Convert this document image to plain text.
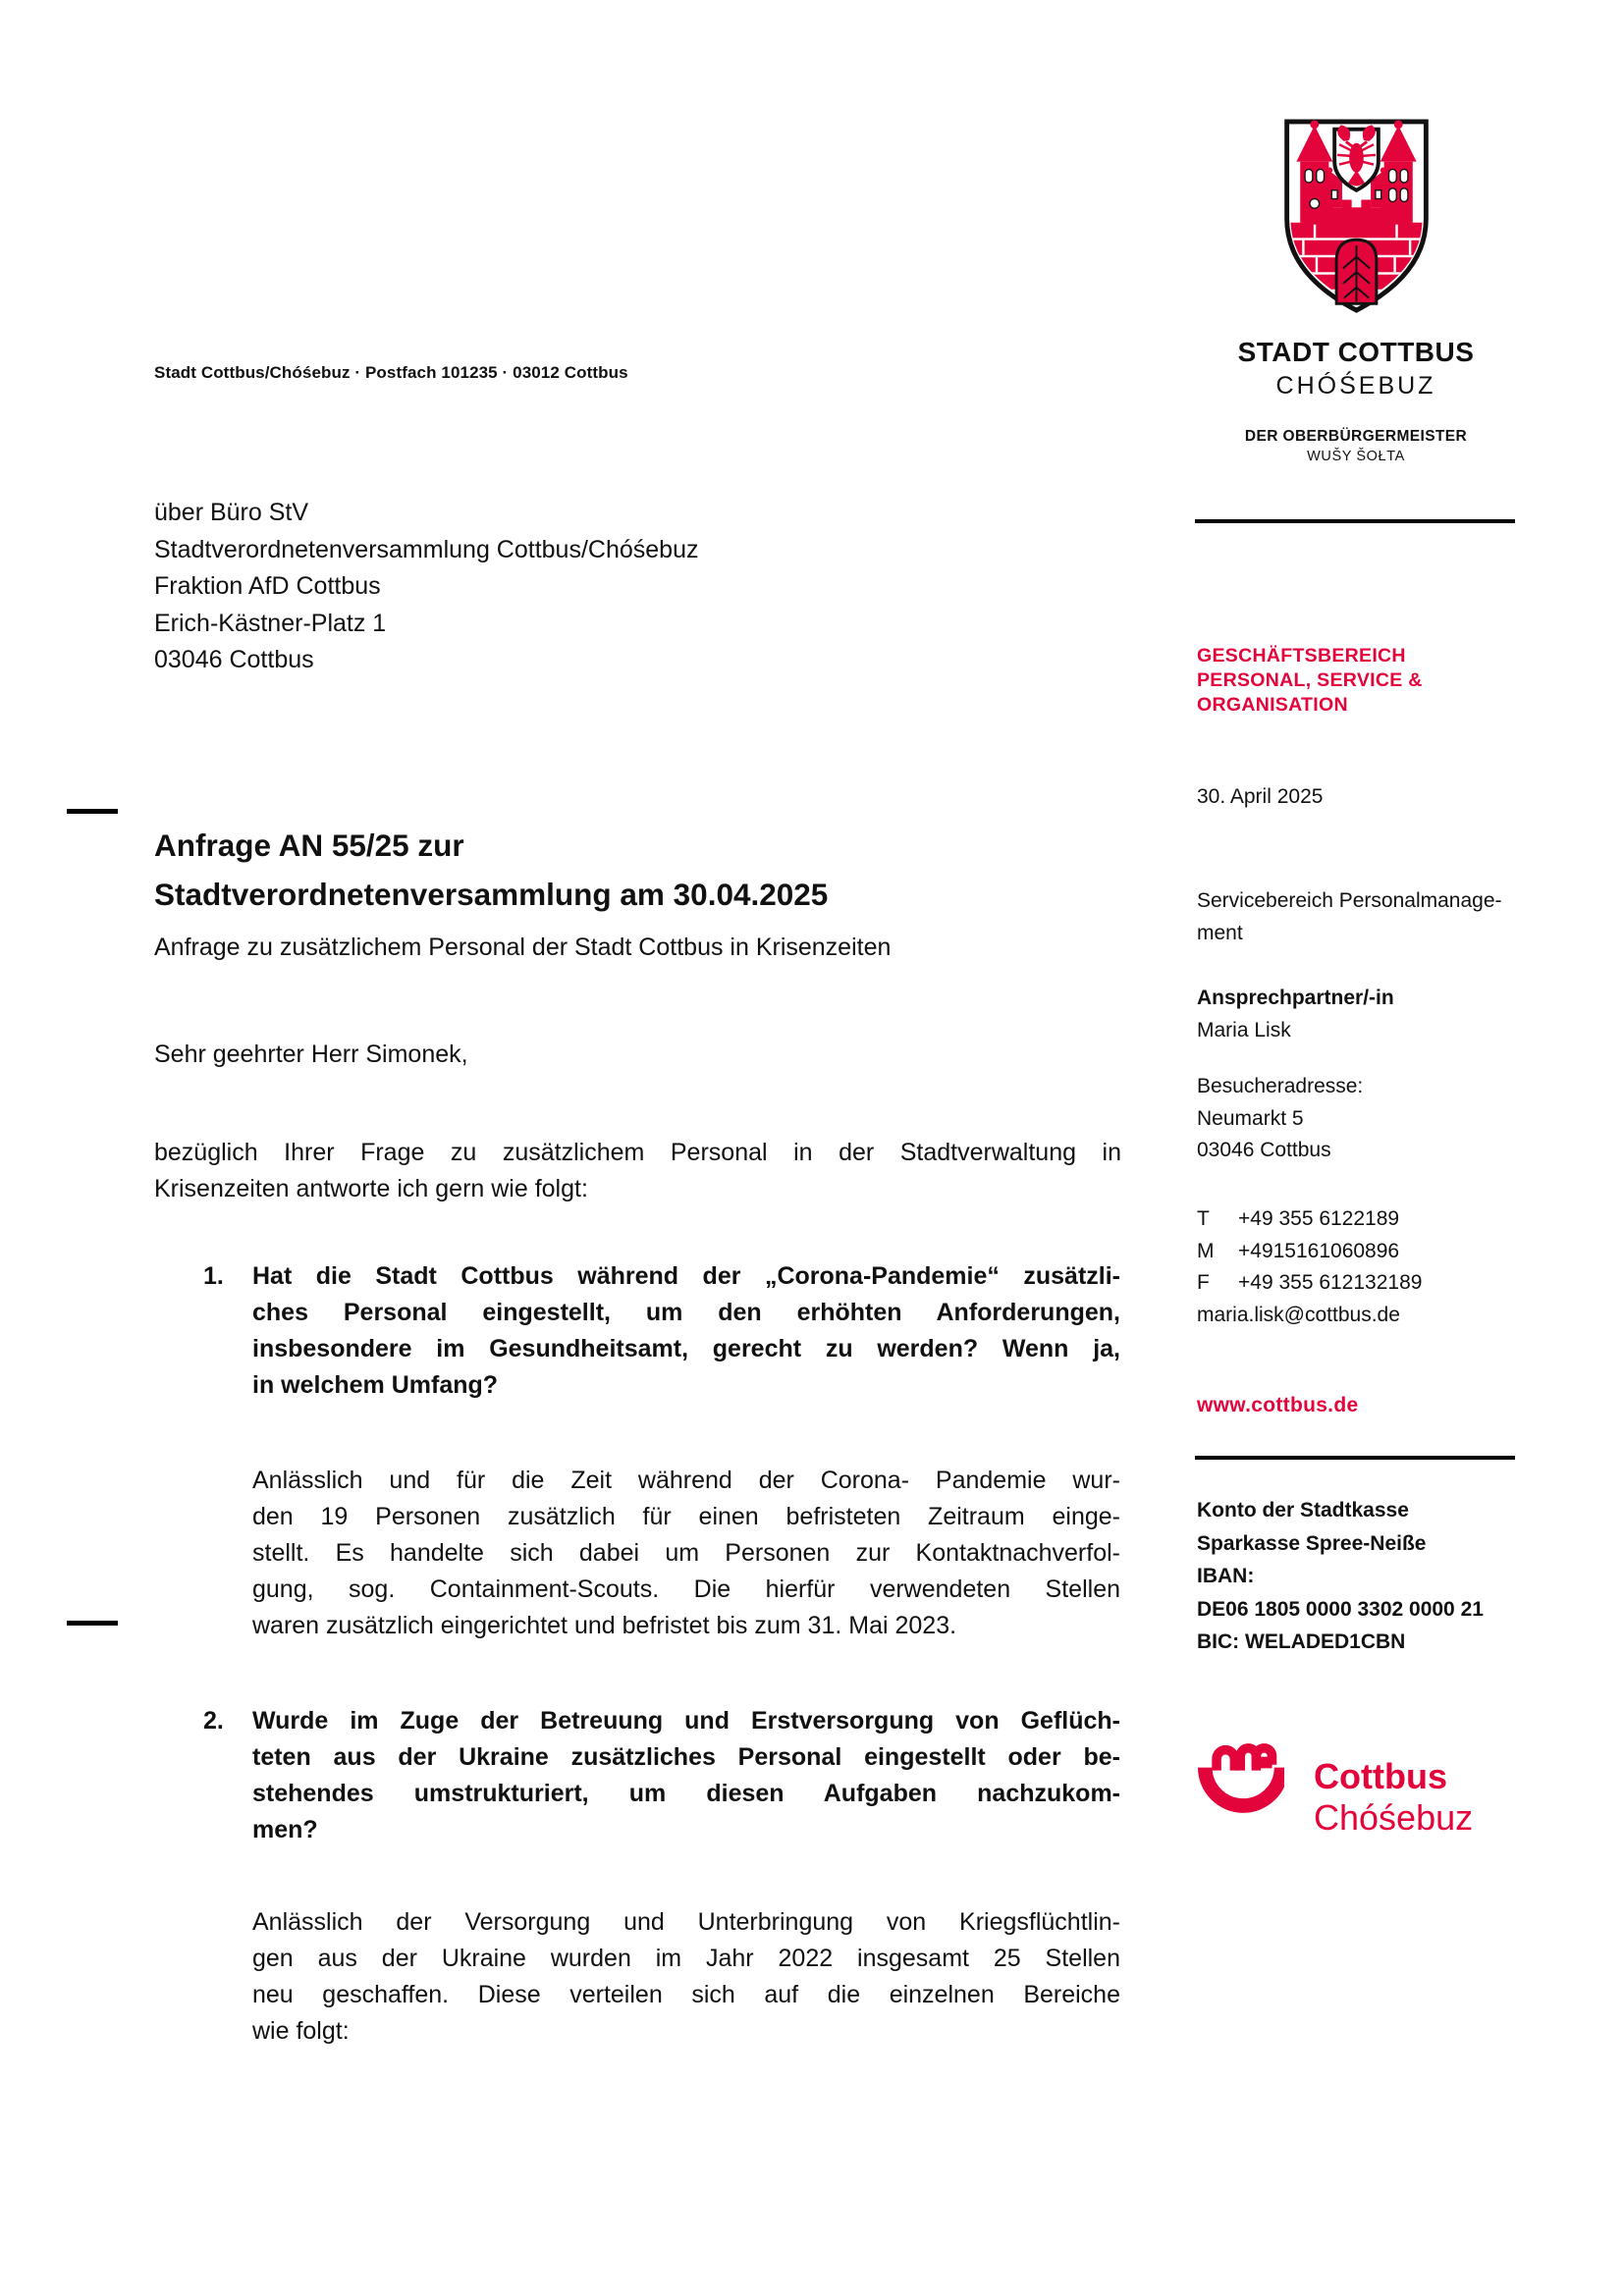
Stadt Cottbus/Chóśebuz · Postfach 101235 · 03012 Cottbus
über Büro StV
Stadtverordnetenversammlung Cottbus/Chóśebuz
Fraktion AfD Cottbus
Erich-Kästner-Platz 1
03046 Cottbus
Anfrage AN 55/25 zur
Stadtverordnetenversammlung am 30.04.2025
Anfrage zu zusätzlichem Personal der Stadt Cottbus in Krisenzeiten
Sehr geehrter Herr Simonek,
bezüglich Ihrer Frage zu zusätzlichem Personal in der Stadtverwaltung in
Krisenzeiten antworte ich gern wie folgt:
1.	Hat die Stadt Cottbus während der „Corona-Pandemie“ zusätzli-
ches Personal eingestellt, um den erhöhten Anforderungen,
insbesondere im Gesundheitsamt, gerecht zu werden? Wenn ja,
in welchem Umfang?
Anlässlich und für die Zeit während der Corona- Pandemie wur-
den 19 Personen zusätzlich für einen befristeten Zeitraum einge-
stellt. Es handelte sich dabei um Personen zur Kontaktnachverfol-
gung, sog. Containment-Scouts. Die hierfür verwendeten Stellen
waren zusätzlich eingerichtet und befristet bis zum 31. Mai 2023.
2.	Wurde im Zuge der Betreuung und Erstversorgung von Geflüch-
teten aus der Ukraine zusätzliches Personal eingestellt oder be-
stehendes umstrukturiert, um diesen Aufgaben nachzukom-
men?
Anlässlich der Versorgung und Unterbringung von Kriegsflüchtlin-
gen aus der Ukraine wurden im Jahr 2022 insgesamt 25 Stellen
neu geschaffen. Diese verteilen sich auf die einzelnen Bereiche
wie folgt:
STADT COTTBUS
CHÓŚEBUZ
DER OBERBÜRGERMEISTER
WUŠY ŠOŁTA
GESCHÄFTSBEREICH
PERSONAL, SERVICE &
ORGANISATION
30. April 2025
Servicebereich Personalmanage-
ment
Ansprechpartner/-in
Maria Lisk
Besucheradresse:
Neumarkt 5
03046 Cottbus
T	+49 355 6122189
M	+4915161060896
F	+49 355 612132189
maria.lisk@cottbus.de
www.cottbus.de
Konto der Stadtkasse
Sparkasse Spree-Neiße
IBAN:
DE06 1805 0000 3302 0000 21
BIC: WELADED1CBN
Cottbus
Chóśebuz
